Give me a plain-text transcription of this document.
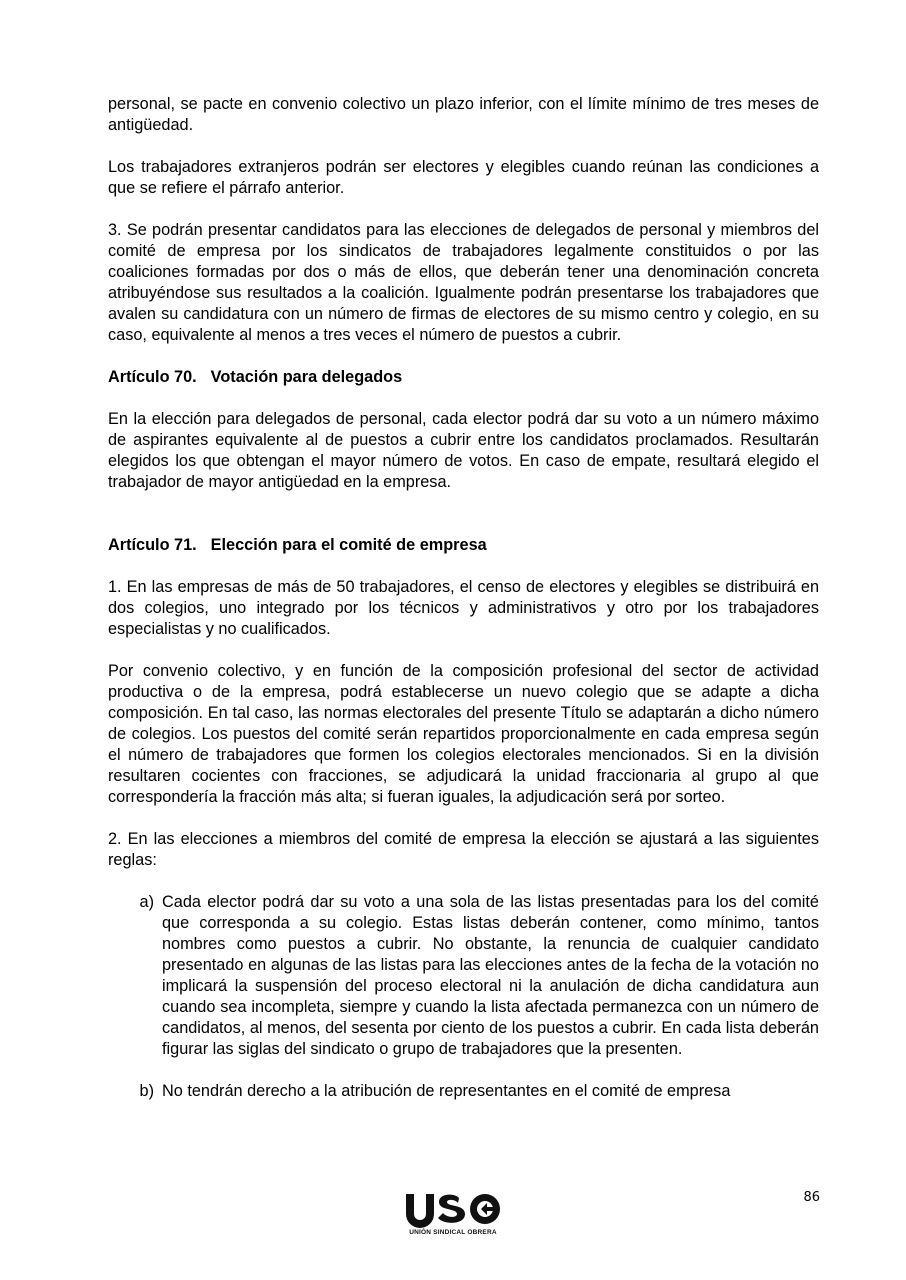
personal, se pacte en convenio colectivo un plazo inferior, con el límite mínimo de tres meses de antigüedad.

Los trabajadores extranjeros podrán ser electores y elegibles cuando reúnan las condiciones a que se refiere el párrafo anterior.

3. Se podrán presentar candidatos para las elecciones de delegados de personal y miembros del comité de empresa por los sindicatos de trabajadores legalmente constituidos o por las coaliciones formadas por dos o más de ellos, que deberán tener una denominación concreta atribuyéndose sus resultados a la coalición. Igualmente podrán presentarse los trabajadores que avalen su candidatura con un número de firmas de electores de su mismo centro y colegio, en su caso, equivalente al menos a tres veces el número de puestos a cubrir.

Artículo 70. Votación para delegados

En la elección para delegados de personal, cada elector podrá dar su voto a un número máximo de aspirantes equivalente al de puestos a cubrir entre los candidatos proclamados. Resultarán elegidos los que obtengan el mayor número de votos. En caso de empate, resultará elegido el trabajador de mayor antigüedad en la empresa.

Artículo 71. Elección para el comité de empresa

1. En las empresas de más de 50 trabajadores, el censo de electores y elegibles se distribuirá en dos colegios, uno integrado por los técnicos y administrativos y otro por los trabajadores especialistas y no cualificados.

Por convenio colectivo, y en función de la composición profesional del sector de actividad productiva o de la empresa, podrá establecerse un nuevo colegio que se adapte a dicha composición. En tal caso, las normas electorales del presente Título se adaptarán a dicho número de colegios. Los puestos del comité serán repartidos proporcionalmente en cada empresa según el número de trabajadores que formen los colegios electorales mencionados. Si en la división resultaren cocientes con fracciones, se adjudicará la unidad fraccionaria al grupo al que correspondería la fracción más alta; si fueran iguales, la adjudicación será por sorteo.

2. En las elecciones a miembros del comité de empresa la elección se ajustará a las siguientes reglas:

a) Cada elector podrá dar su voto a una sola de las listas presentadas para los del comité que corresponda a su colegio. Estas listas deberán contener, como mínimo, tantos nombres como puestos a cubrir. No obstante, la renuncia de cualquier candidato presentado en algunas de las listas para las elecciones antes de la fecha de la votación no implicará la suspensión del proceso electoral ni la anulación de dicha candidatura aun cuando sea incompleta, siempre y cuando la lista afectada permanezca con un número de candidatos, al menos, del sesenta por ciento de los puestos a cubrir. En cada lista deberán figurar las siglas del sindicato o grupo de trabajadores que la presenten.
b) No tendrán derecho a la atribución de representantes en el comité de empresa
86
USO
UNIÓN SINDICAL OBRERA
